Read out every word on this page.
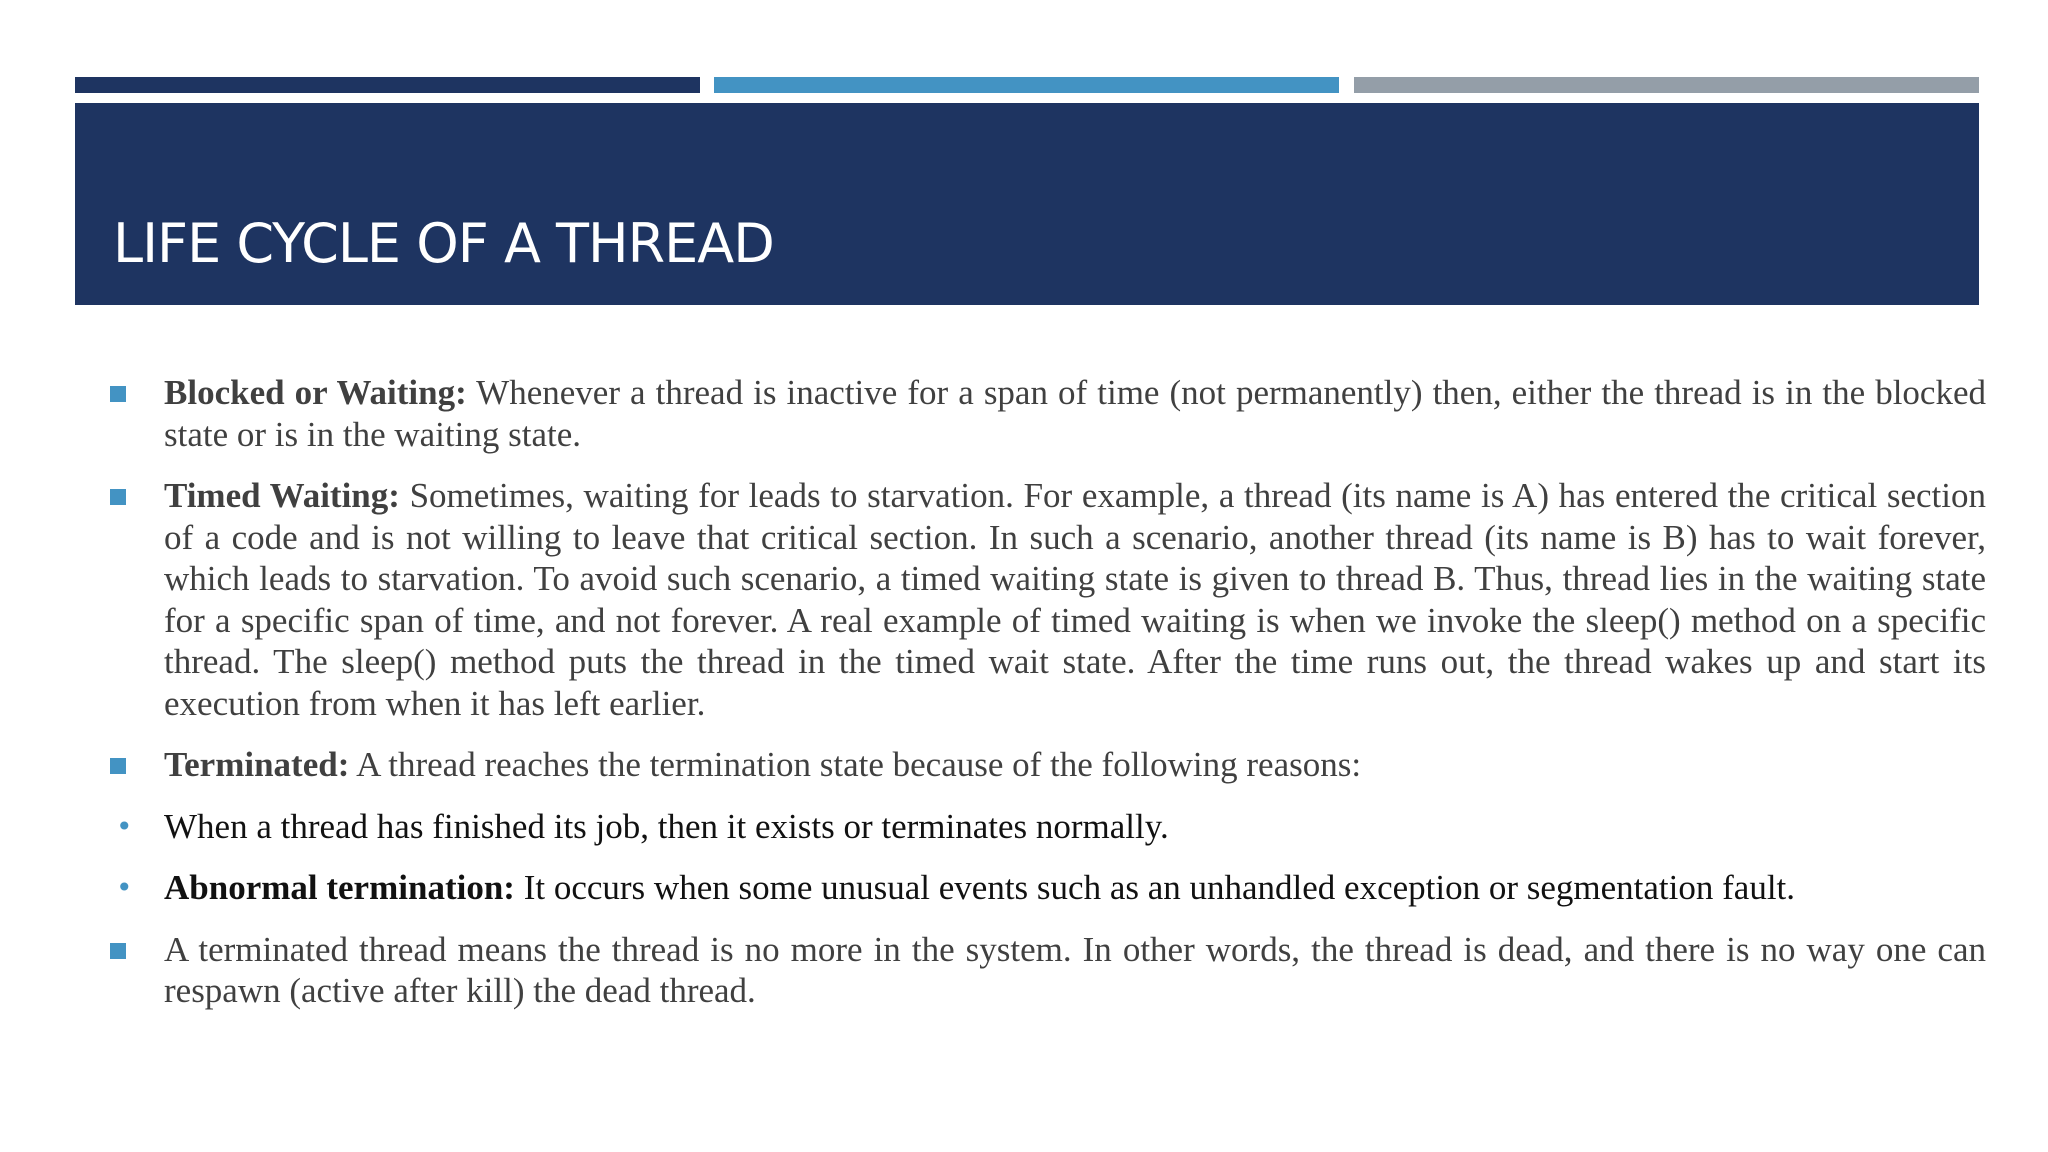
LIFE CYCLE OF A THREAD
Blocked or Waiting: Whenever a thread is inactive for a span of time (not permanently) then, either the thread is in the blocked state or is in the waiting state.
Timed Waiting: Sometimes, waiting for leads to starvation. For example, a thread (its name is A) has entered the critical section of a code and is not willing to leave that critical section. In such a scenario, another thread (its name is B) has to wait forever, which leads to starvation. To avoid such scenario, a timed waiting state is given to thread B. Thus, thread lies in the waiting state for a specific span of time, and not forever. A real example of timed waiting is when we invoke the sleep() method on a specific thread. The sleep() method puts the thread in the timed wait state. After the time runs out, the thread wakes up and start its execution from when it has left earlier.
Terminated: A thread reaches the termination state because of the following reasons:
• When a thread has finished its job, then it exists or terminates normally.
• Abnormal termination: It occurs when some unusual events such as an unhandled exception or segmentation fault.
A terminated thread means the thread is no more in the system. In other words, the thread is dead, and there is no way one can respawn (active after kill) the dead thread.
